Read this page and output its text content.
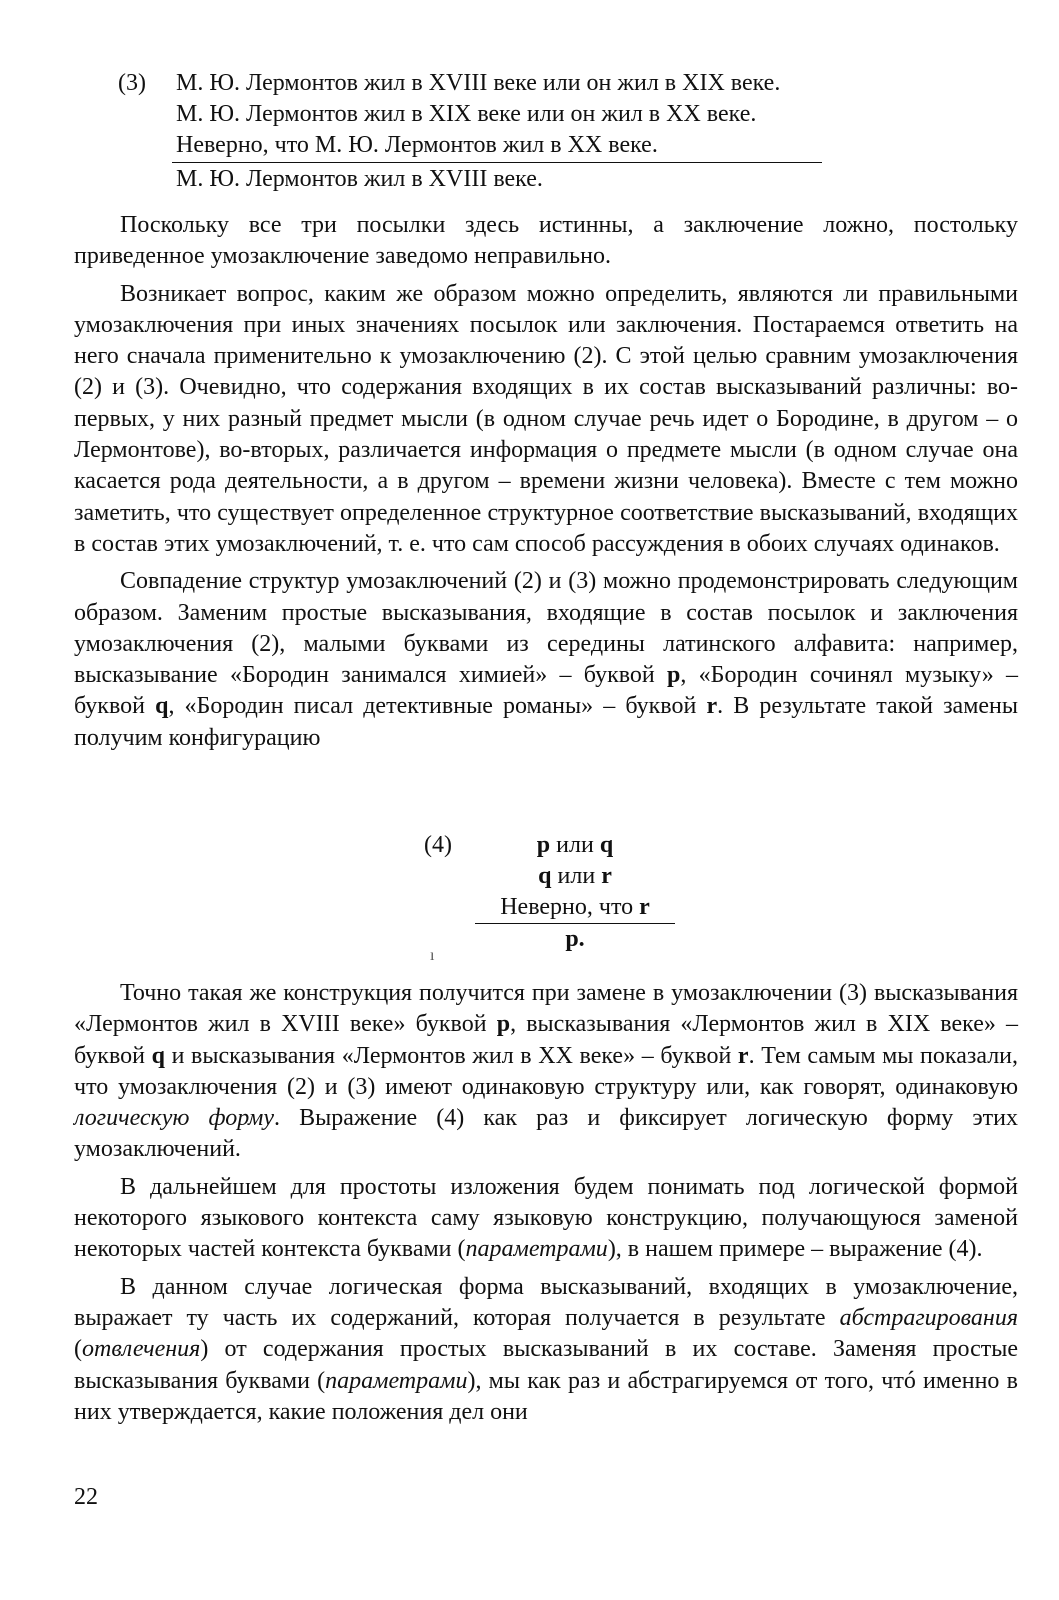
(3) М. Ю. Лермонтов жил в XVIII веке или он жил в XIX веке.
М. Ю. Лермонтов жил в XIX веке или он жил в XX веке.
Неверно, что М. Ю. Лермонтов жил в XX веке.
М. Ю. Лермонтов жил в XVIII веке.

Поскольку все три посылки здесь истинны, а заключение ложно, постольку приведенное умозаключение заведомо неправильно.

Возникает вопрос, каким же образом можно определить, являются ли правильными умозаключения при иных значениях посылок или заключения. Постараемся ответить на него сначала применительно к умозаключению (2). С этой целью сравним умозаключения (2) и (3). Очевидно, что содержания входящих в их состав высказываний различны: во-первых, у них разный предмет мысли (в одном случае речь идет о Бородине, в другом – о Лермонтове), во-вторых, различается информация о предмете мысли (в одном случае она касается рода деятельности, а в другом – времени жизни человека). Вместе с тем можно заметить, что существует определенное структурное соответствие высказываний, входящих в состав этих умозаключений, т. е. что сам способ рассуждения в обоих случаях одинаков.

Совпадение структур умозаключений (2) и (3) можно продемонстрировать следующим образом. Заменим простые высказывания, входящие в состав посылок и заключения умозаключения (2), малыми буквами из середины латинского алфавита: например, высказывание «Бородин занимался химией» – буквой p, «Бородин сочинял музыку» – буквой q, «Бородин писал детективные романы» – буквой r. В результате такой замены получим конфигурацию

(4)	p или q
q или r
Неверно, что r
p.
ı

Точно такая же конструкция получится при замене в умозаключении (3) высказывания «Лермонтов жил в XVIII веке» буквой p, высказывания «Лермонтов жил в XIX веке» – буквой q и высказывания «Лермонтов жил в XX веке» – буквой r. Тем самым мы показали, что умозаключения (2) и (3) имеют одинаковую структуру или, как говорят, одинаковую логическую форму. Выражение (4) как раз и фиксирует логическую форму этих умозаключений.

В дальнейшем для простоты изложения будем понимать под логической формой некоторого языкового контекста саму языковую конструкцию, получающуюся заменой некоторых частей контекста буквами (параметрами), в нашем примере – выражение (4).

В данном случае логическая форма высказываний, входящих в умозаключение, выражает ту часть их содержаний, которая получается в результате абстрагирования (отвлечения) от содержания простых высказываний в их составе. Заменяя простые высказывания буквами (параметрами), мы как раз и абстрагируемся от того, чтó именно в них утверждается, какие положения дел они

22
